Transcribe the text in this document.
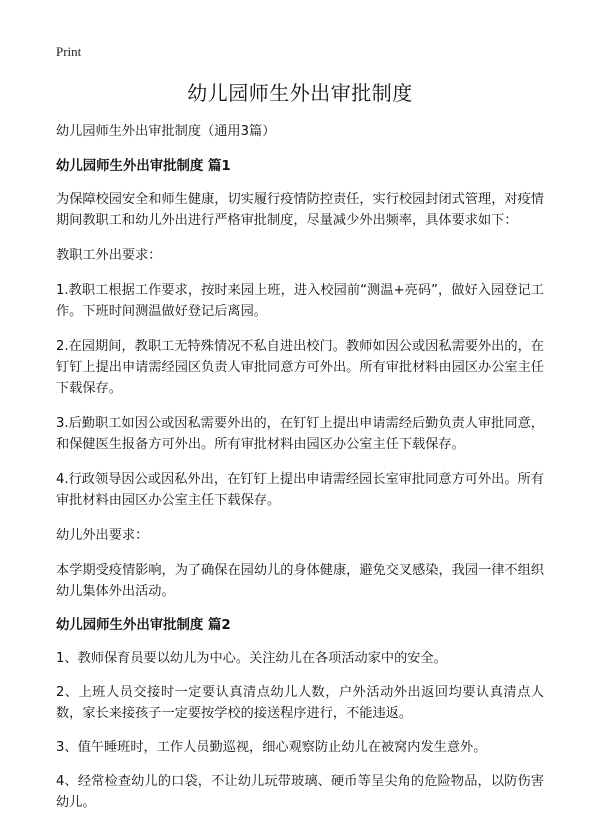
Print
幼儿园师生外出审批制度

幼儿园师生外出审批制度（通用3篇）

幼儿园师生外出审批制度 篇1

为保障校园安全和师生健康，切实履行疫情防控责任，实行校园封闭式管理，对疫情期间教职工和幼儿外出进行严格审批制度，尽量减少外出频率，具体要求如下：

教职工外出要求：

1.教职工根据工作要求，按时来园上班，进入校园前“测温+亮码”，做好入园登记工作。下班时间测温做好登记后离园。

2.在园期间，教职工无特殊情况不私自进出校门。教师如因公或因私需要外出的，在钉钉上提出申请需经园区负责人审批同意方可外出。所有审批材料由园区办公室主任下载保存。

3.后勤职工如因公或因私需要外出的，在钉钉上提出申请需经后勤负责人审批同意，和保健医生报备方可外出。所有审批材料由园区办公室主任下载保存。

4.行政领导因公或因私外出，在钉钉上提出申请需经园长室审批同意方可外出。所有审批材料由园区办公室主任下载保存。

幼儿外出要求：

本学期受疫情影响，为了确保在园幼儿的身体健康，避免交叉感染，我园一律不组织幼儿集体外出活动。

幼儿园师生外出审批制度 篇2

1、教师保育员要以幼儿为中心。关注幼儿在各项活动家中的安全。

2、上班人员交接时一定要认真清点幼儿人数，户外活动外出返回均要认真清点人数，家长来接孩子一定要按学校的接送程序进行，不能违返。

3、值午睡班时，工作人员勤巡视，细心观察防止幼儿在被窝内发生意外。

4、经常检查幼儿的口袋，不让幼儿玩带玻璃、硬币等呈尖角的危险物品，以防伤害幼儿。
